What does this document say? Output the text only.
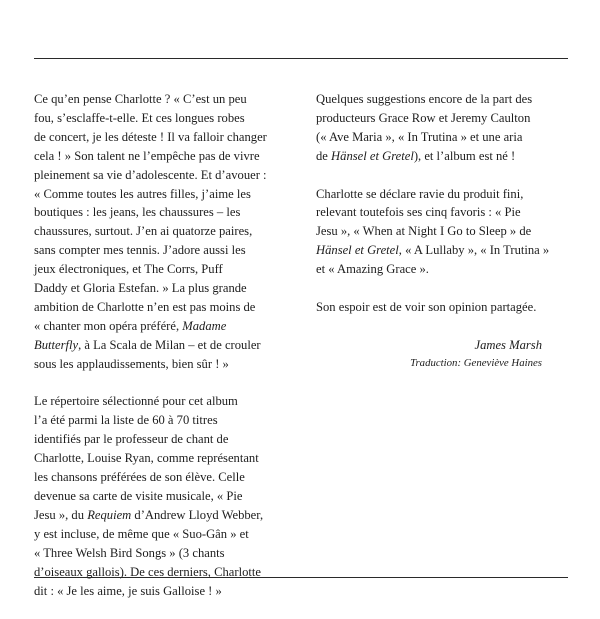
Ce qu’en pense Charlotte ? « C’est un peu
fou, s’esclaffe-t-elle. Et ces longues robes
de concert, je les déteste ! Il va falloir changer
cela ! » Son talent ne l’empêche pas de vivre
pleinement sa vie d’adolescente. Et d’avouer :
« Comme toutes les autres filles, j’aime les
boutiques : les jeans, les chaussures – les
chaussures, surtout. J’en ai quatorze paires,
sans compter mes tennis. J’adore aussi les
jeux électroniques, et The Corrs, Puff
Daddy et Gloria Estefan. » La plus grande
ambition de Charlotte n’en est pas moins de
« chanter mon opéra préféré, Madame
Butterfly, à La Scala de Milan – et de crouler
sous les applaudissements, bien sûr ! »

Le répertoire sélectionné pour cet album
l’a été parmi la liste de 60 à 70 titres
identifiés par le professeur de chant de
Charlotte, Louise Ryan, comme représentant
les chansons préférées de son élève. Celle
devenue sa carte de visite musicale, « Pie
Jesu », du Requiem d’Andrew Lloyd Webber,
y est incluse, de même que « Suo-Gân » et
« Three Welsh Bird Songs » (3 chants
d’oiseaux gallois). De ces derniers, Charlotte
dit : « Je les aime, je suis Galloise ! »

Quelques suggestions encore de la part des
producteurs Grace Row et Jeremy Caulton
(« Ave Maria », « In Trutina » et une aria
de Hänsel et Gretel), et l’album est né !

Charlotte se déclare ravie du produit fini,
relevant toutefois ses cinq favoris : « Pie
Jesu », « When at Night I Go to Sleep » de
Hänsel et Gretel, « A Lullaby », « In Trutina »
et « Amazing Grace ».

Son espoir est de voir son opinion partagée.

James Marsh
Traduction: Geneviève Haines
